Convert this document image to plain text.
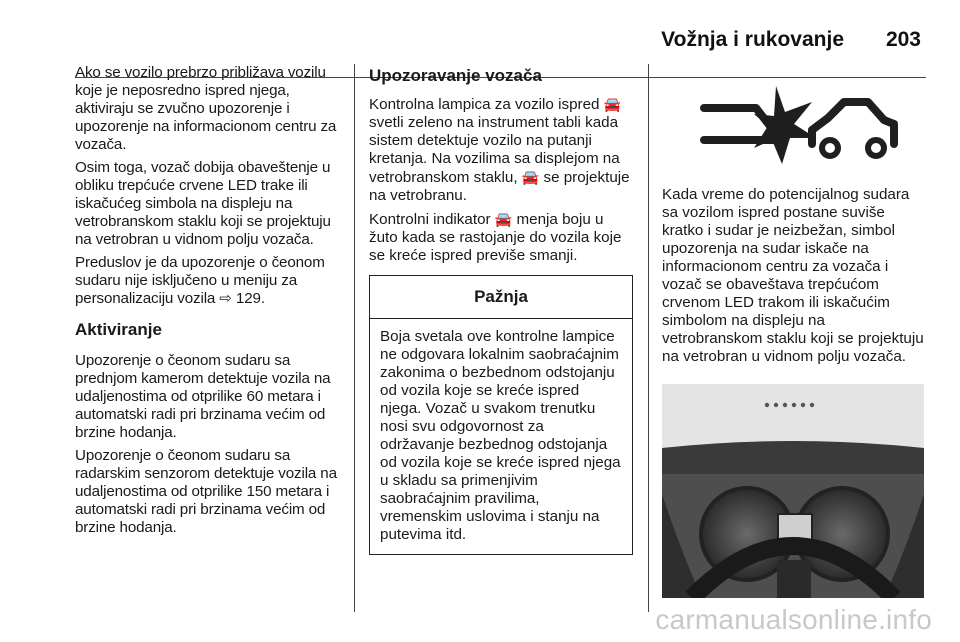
Vožnja i rukovanje 203

Ako se vozilo prebrzo približava vozilu koje je neposredno ispred njega, aktiviraju se zvučno upozorenje i upozorenje na informacionom centru za vozača.

Osim toga, vozač dobija obaveštenje u obliku trepćuće crvene LED trake ili iskačućeg simbola na displeju na vetrobranskom staklu koji se projektuju na vetrobran u vidnom polju vozača.

Preduslov je da upozorenje o čeonom sudaru nije isključeno u meniju za personalizaciju vozila ⇨ 129.

Aktiviranje

Upozorenje o čeonom sudaru sa prednjom kamerom detektuje vozila na udaljenostima od otprilike 60 metara i automatski radi pri brzinama većim od brzine hodanja.

Upozorenje o čeonom sudaru sa radarskim senzorom detektuje vozila na udaljenostima od otprilike 150 metara i automatski radi pri brzinama većim od brzine hodanja.

Upozoravanje vozača

Kontrolna lampica za vozilo ispred 🚘 svetli zeleno na instrument tabli kada sistem detektuje vozilo na putanji kretanja. Na vozilima sa displejom na vetrobranskom staklu, 🚘 se projektuje na vetrobranu.

Kontrolni indikator 🚘 menja boju u žuto kada se rastojanje do vozila koje se kreće ispred previše smanji.

Pažnja
Boja svetala ove kontrolne lampice ne odgovara lokalnim saobraćajnim zakonima o bezbednom odstojanju od vozila koje se kreće ispred njega. Vozač u svakom trenutku nosi svu odgovornost za održavanje bezbednog odstojanja od vozila koje se kreće ispred njega u skladu sa primenjivim saobraćajnim pravilima, vremenskim uslovima i stanju na putevima itd.

Kada vreme do potencijalnog sudara sa vozilom ispred postane suviše kratko i sudar je neizbežan, simbol upozorenja na sudar iskače na informacionom centru za vozača i vozač se obaveštava trepćućom crvenom LED trakom ili iskačućim simbolom na displeju na vetrobranskom staklu koji se projektuju na vetrobran u vidnom polju vozača.

carmanualsonline.info
